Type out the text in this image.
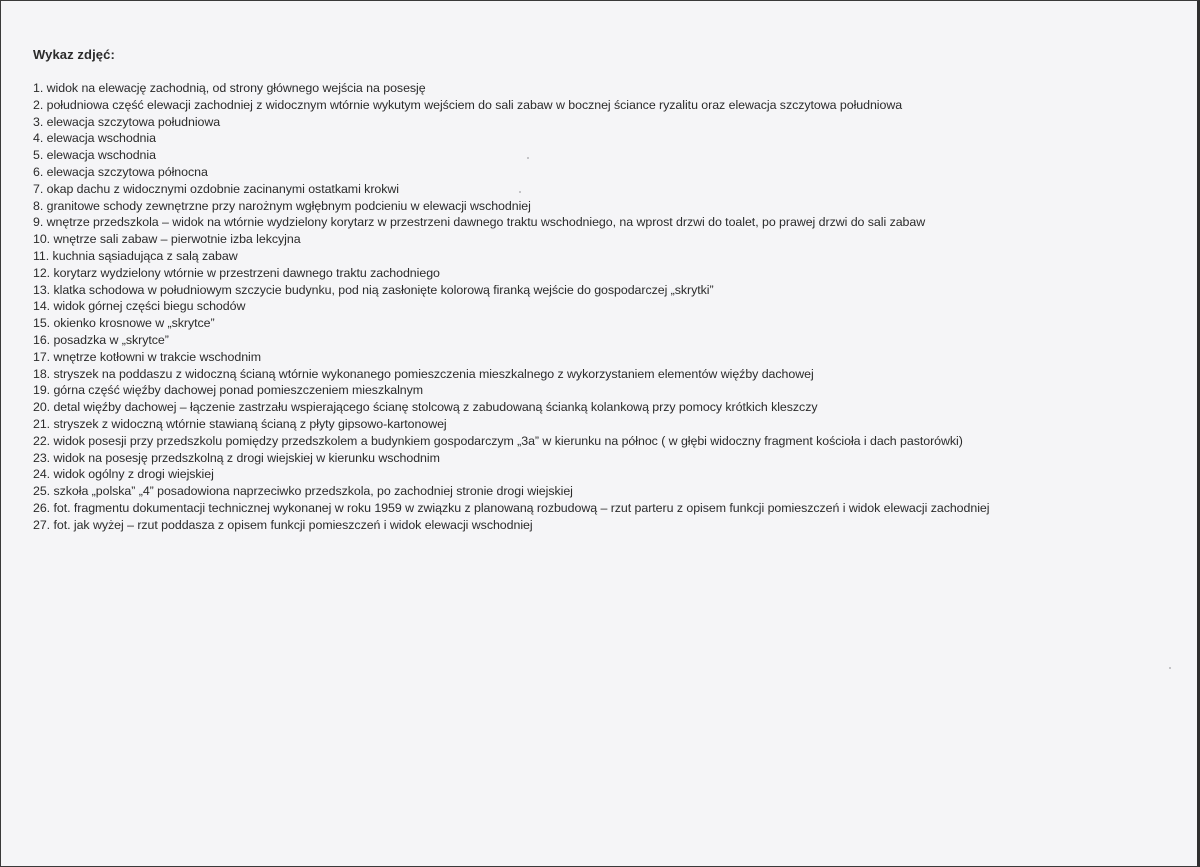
Wykaz zdjęć:
1. widok na elewację zachodnią, od strony głównego wejścia na posesję
2. południowa część elewacji zachodniej z widocznym wtórnie wykutym wejściem do sali zabaw w bocznej ściance ryzalitu oraz elewacja szczytowa południowa
3. elewacja szczytowa południowa
4. elewacja wschodnia
5. elewacja wschodnia
6. elewacja szczytowa północna
7. okap dachu z widocznymi ozdobnie zacinanymi ostatkami krokwi
8. granitowe schody zewnętrzne przy narożnym wgłębnym podcieniu w elewacji wschodniej
9. wnętrze przedszkola – widok na wtórnie wydzielony korytarz w przestrzeni dawnego traktu wschodniego, na wprost drzwi do toalet, po prawej drzwi do sali zabaw
10. wnętrze sali zabaw – pierwotnie izba lekcyjna
11. kuchnia sąsiadująca z salą zabaw
12. korytarz wydzielony wtórnie w przestrzeni dawnego traktu zachodniego
13. klatka schodowa w południowym szczycie budynku, pod nią zasłonięte kolorową firanką wejście do gospodarczej „skrytki”
14. widok górnej części biegu schodów
15. okienko krosnowe w „skrytce”
16. posadzka w „skrytce”
17. wnętrze kotłowni w trakcie wschodnim
18. stryszek na poddaszu z widoczną ścianą wtórnie wykonanego pomieszczenia mieszkalnego z wykorzystaniem elementów więźby dachowej
19. górna część więźby dachowej ponad pomieszczeniem mieszkalnym
20. detal więźby dachowej – łączenie zastrzału wspierającego ścianę stolcową z zabudowaną ścianką kolankową przy pomocy krótkich kleszczy
21. stryszek z widoczną wtórnie stawianą ścianą z płyty gipsowo-kartonowej
22. widok posesji przy przedszkolu pomiędzy przedszkolem a budynkiem gospodarczym „3a” w kierunku na północ ( w głębi widoczny fragment kościoła i dach pastorówki)
23. widok na posesję przedszkolną z drogi wiejskiej w kierunku wschodnim
24. widok ogólny z drogi wiejskiej
25. szkoła „polska” „4” posadowiona naprzeciwko przedszkola, po zachodniej stronie drogi wiejskiej
26. fot. fragmentu dokumentacji technicznej wykonanej w roku 1959 w związku z planowaną rozbudową – rzut parteru z opisem funkcji pomieszczeń i widok elewacji zachodniej
27. fot. jak wyżej – rzut poddasza z opisem funkcji pomieszczeń i widok elewacji wschodniej
